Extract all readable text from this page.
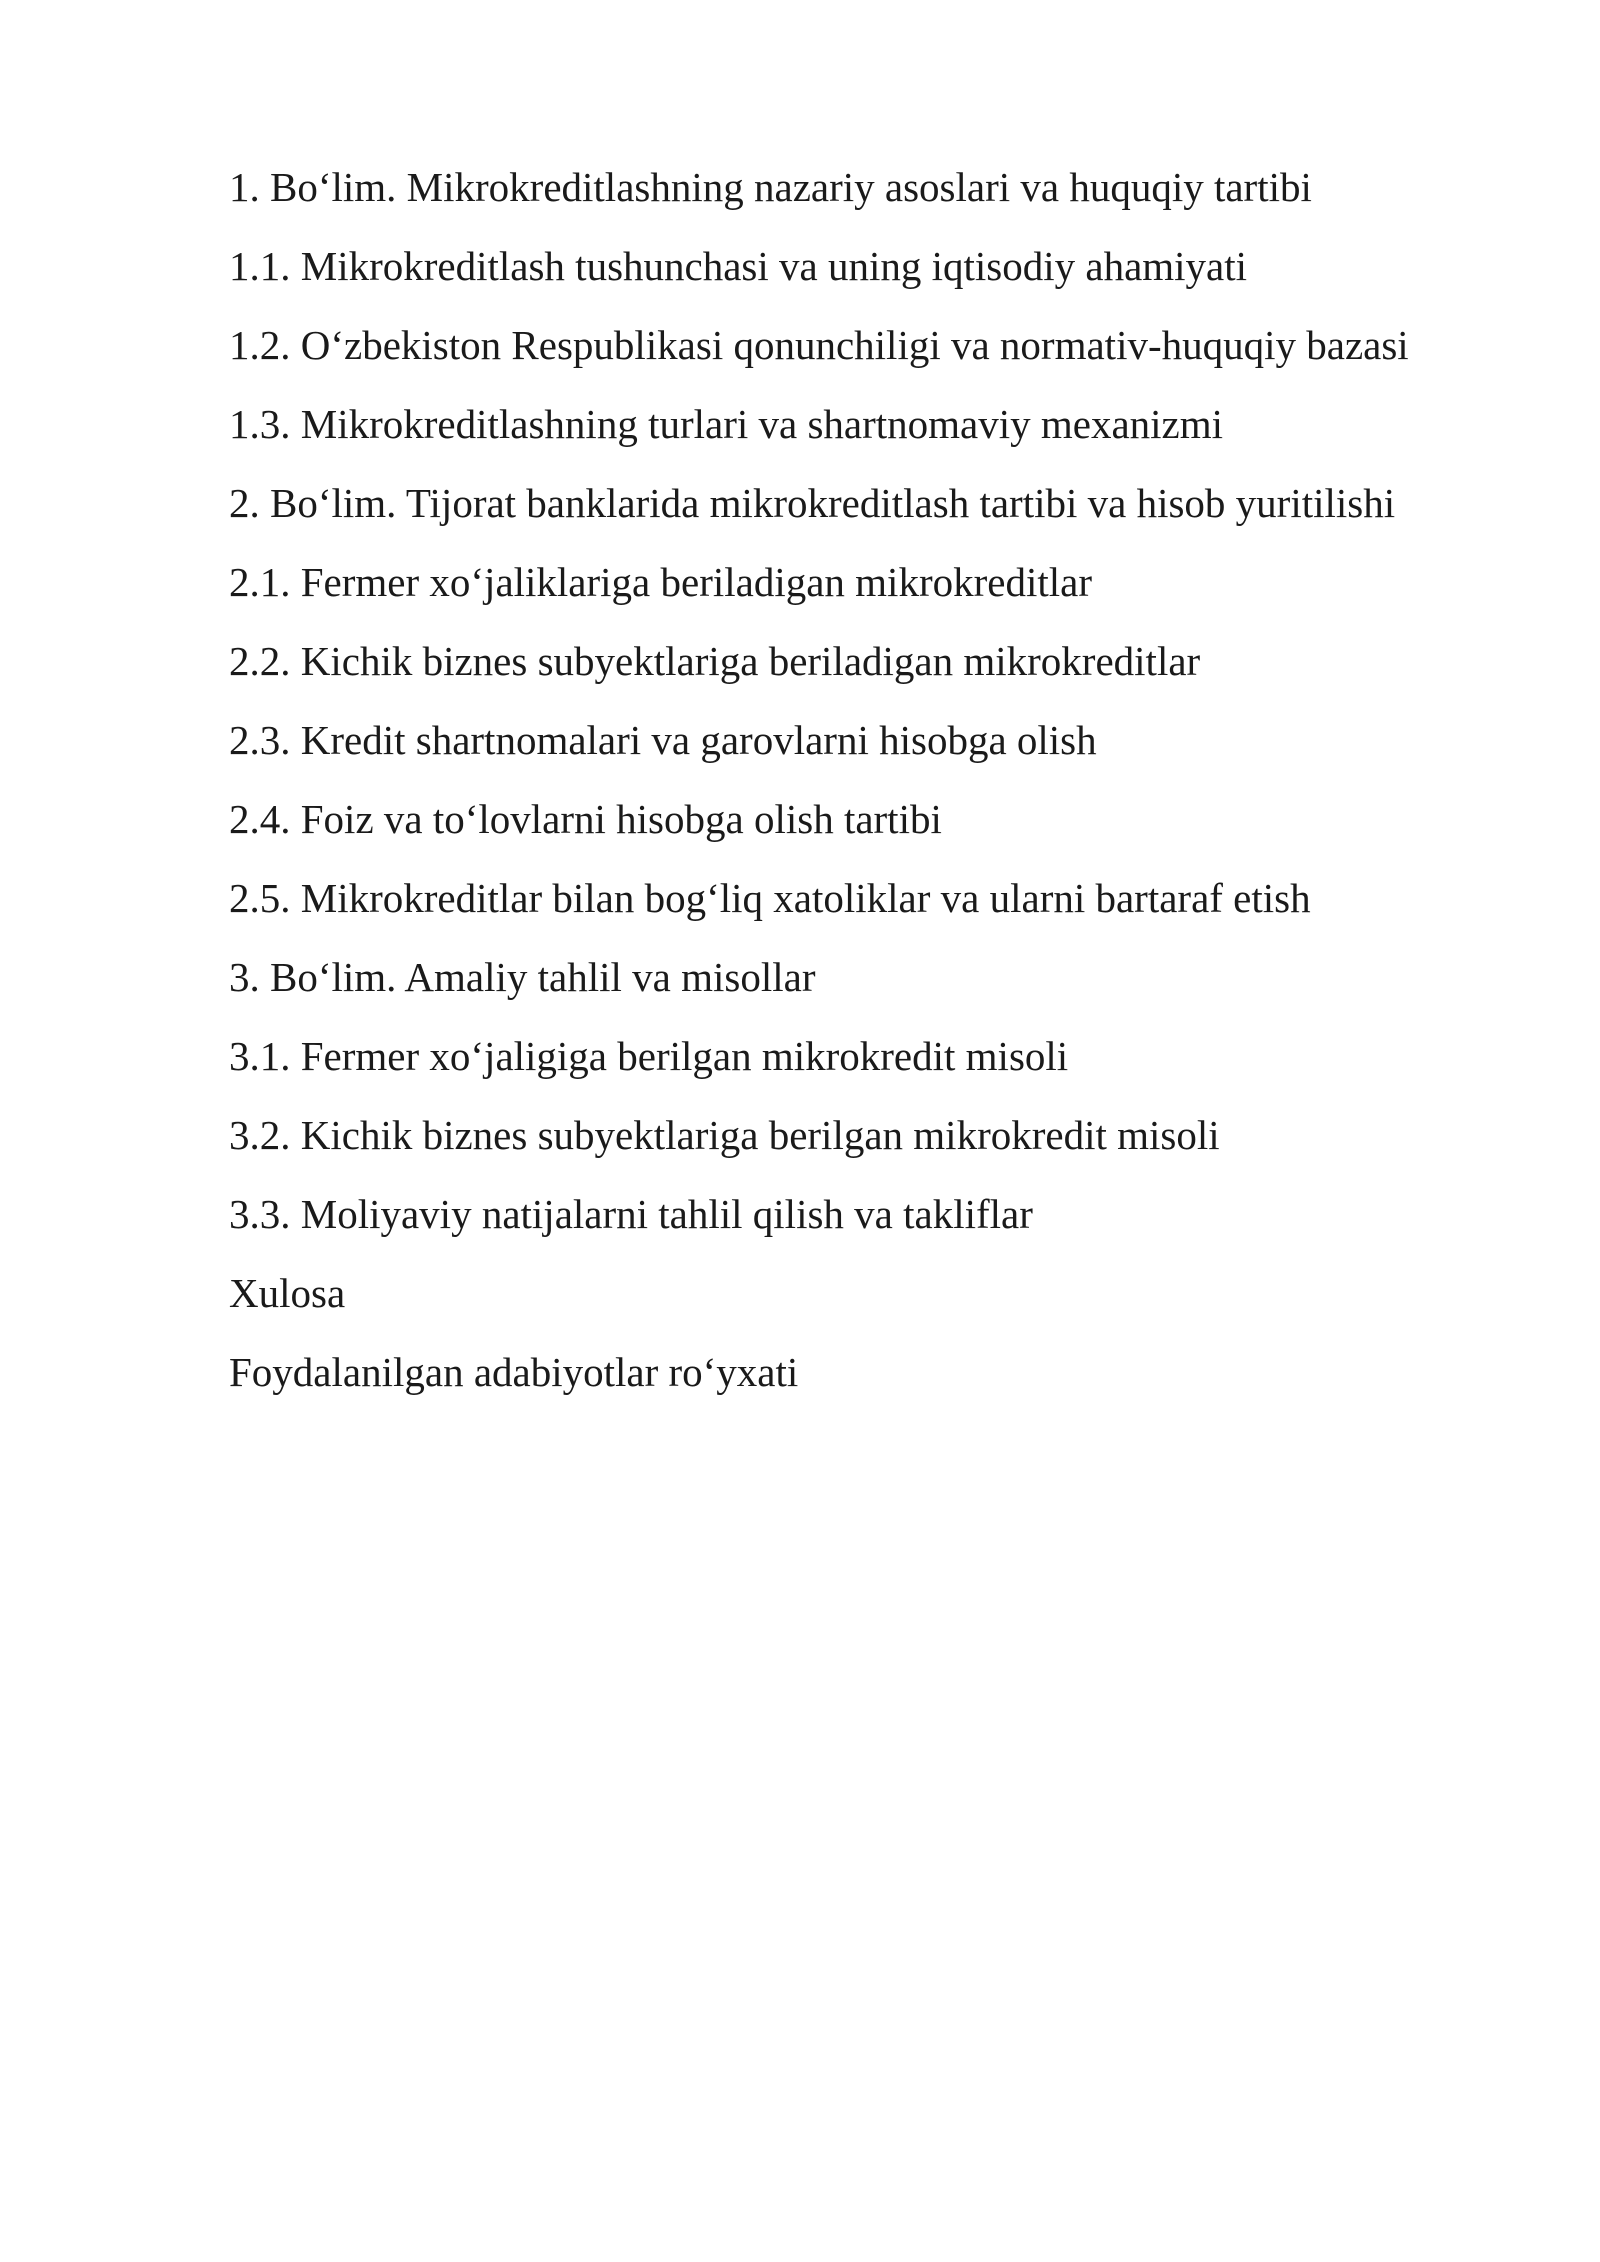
1. Bo‘lim. Mikrokreditlashning nazariy asoslari va huquqiy tartibi
1.1. Mikrokreditlash tushunchasi va uning iqtisodiy ahamiyati
1.2. O‘zbekiston Respublikasi qonunchiligi va normativ-huquqiy bazasi
1.3. Mikrokreditlashning turlari va shartnomaviy mexanizmi
2. Bo‘lim. Tijorat banklarida mikrokreditlash tartibi va hisob yuritilishi
2.1. Fermer xo‘jaliklariga beriladigan mikrokreditlar
2.2. Kichik biznes subyektlariga beriladigan mikrokreditlar
2.3. Kredit shartnomalari va garovlarni hisobga olish
2.4. Foiz va to‘lovlarni hisobga olish tartibi
2.5. Mikrokreditlar bilan bog‘liq xatoliklar va ularni bartaraf etish
3. Bo‘lim. Amaliy tahlil va misollar
3.1. Fermer xo‘jaligiga berilgan mikrokredit misoli
3.2. Kichik biznes subyektlariga berilgan mikrokredit misoli
3.3. Moliyaviy natijalarni tahlil qilish va takliflar
Xulosa
Foydalanilgan adabiyotlar ro‘yxati
